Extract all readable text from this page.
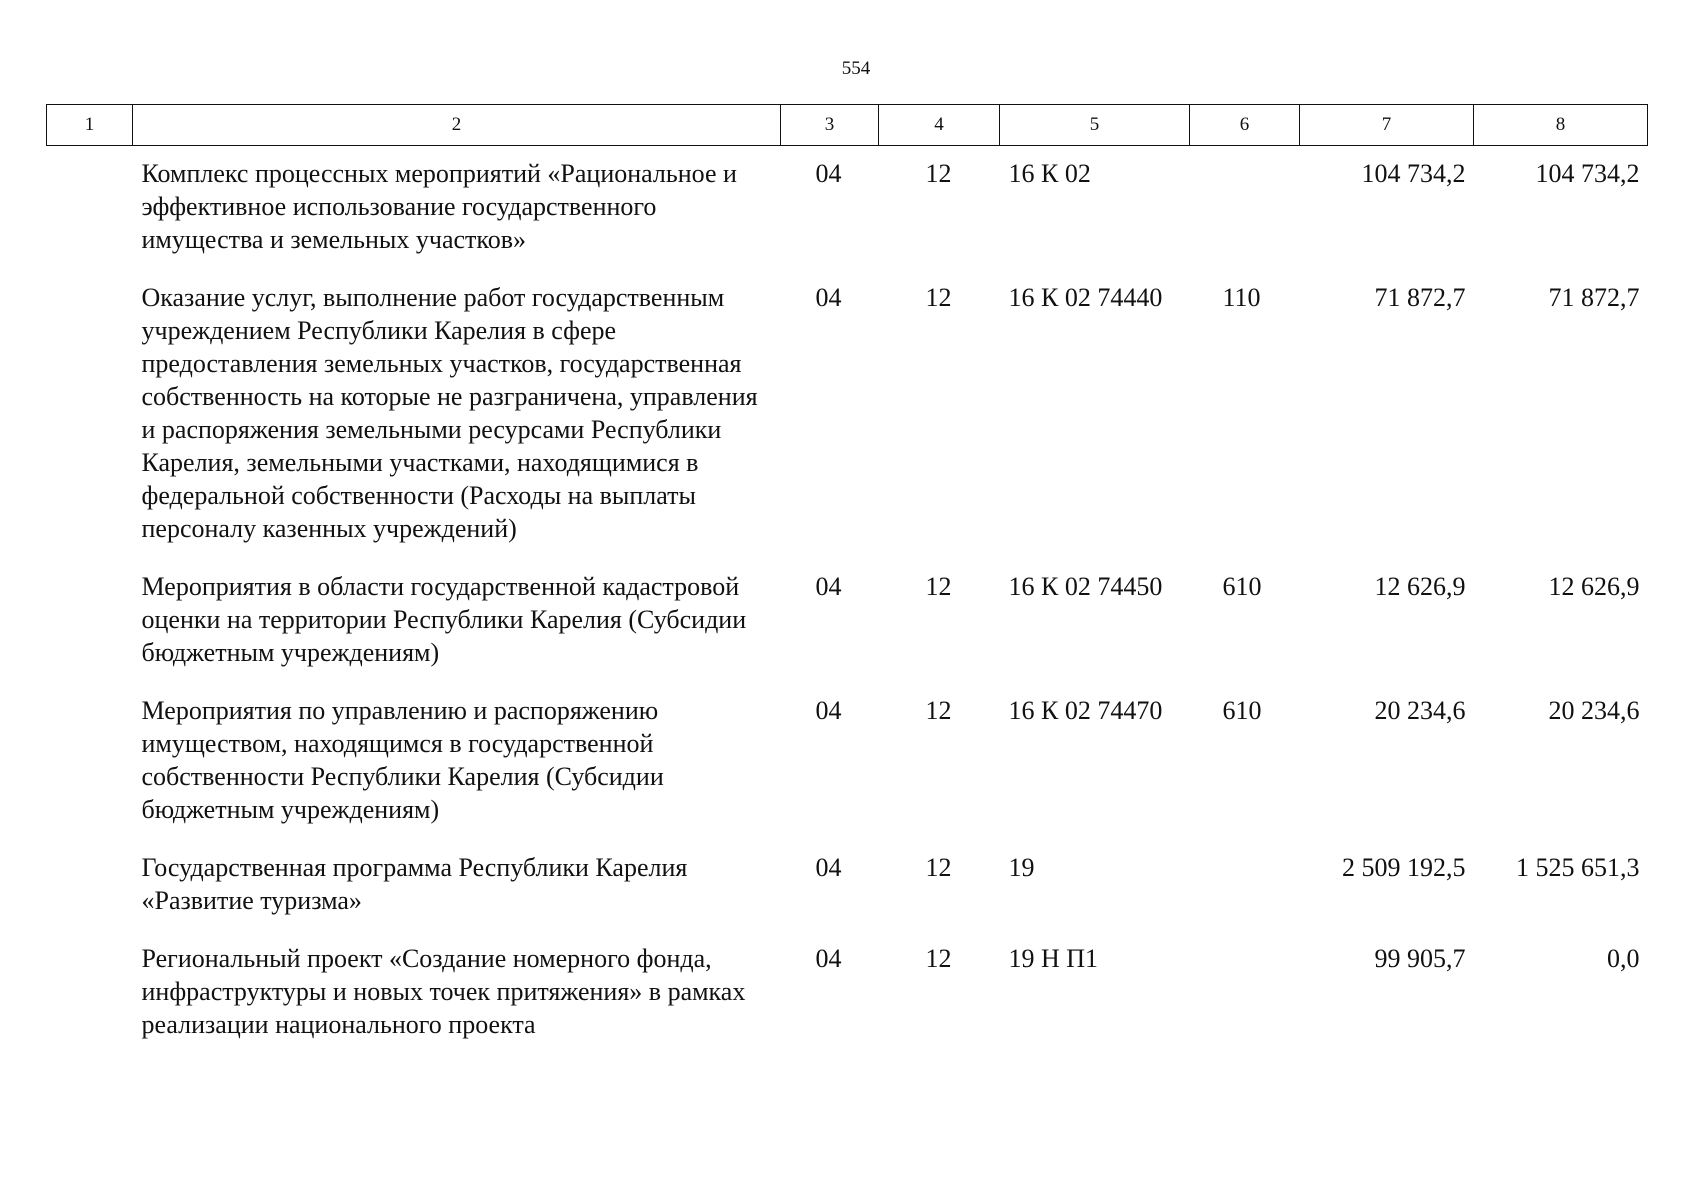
554
1	2	3	4	5	6	7	8
	Комплекс процессных мероприятий «Рациональное и эффективное использование государственного имущества и земельных участков»	04	12	16 К 02		104 734,2	104 734,2
	Оказание услуг, выполнение работ государственным учреждением Республики Карелия в сфере предоставления земельных участков, государственная собственность на которые не разграничена, управления и распоряжения земельными ресурсами Республики Карелия, земельными участками, находящимися в федеральной собственности (Расходы на выплаты персоналу казенных учреждений)	04	12	16 К 02 74440	110	71 872,7	71 872,7
	Мероприятия в области государственной кадастровой оценки на территории Республики Карелия (Субсидии бюджетным учреждениям)	04	12	16 К 02 74450	610	12 626,9	12 626,9
	Мероприятия по управлению и распоряжению имуществом, находящимся в государственной собственности Республики Карелия (Субсидии бюджетным учреждениям)	04	12	16 К 02 74470	610	20 234,6	20 234,6
	Государственная программа Республики Карелия «Развитие туризма»	04	12	19		2 509 192,5	1 525 651,3
	Региональный проект «Создание номерного фонда, инфраструктуры и новых точек притяжения» в рамках реализации национального проекта	04	12	19 Н П1		99 905,7	0,0
